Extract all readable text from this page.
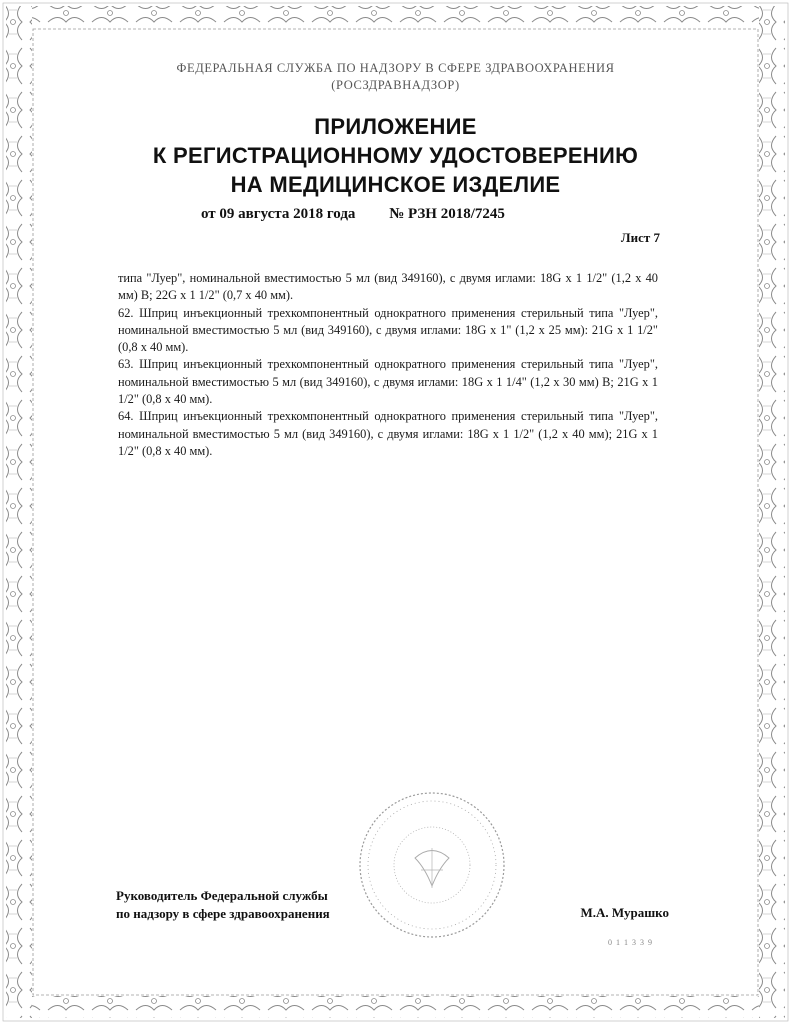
ФЕДЕРАЛЬНАЯ СЛУЖБА ПО НАДЗОРУ В СФЕРЕ ЗДРАВООХРАНЕНИЯ
(РОСЗДРАВНАДЗОР)
ПРИЛОЖЕНИЕ
К РЕГИСТРАЦИОННОМУ УДОСТОВЕРЕНИЮ
НА МЕДИЦИНСКОЕ ИЗДЕЛИЕ
от 09 августа 2018 года № РЗН 2018/7245
Лист 7

типа "Луер", номинальной вместимостью 5 мл (вид 349160), с двумя иглами: 18G x 1 1/2" (1,2 x 40 мм) В; 22G x 1 1/2" (0,7 x 40 мм).

62. Шприц инъекционный трехкомпонентный однократного применения стерильный типа "Луер", номинальной вместимостью 5 мл (вид 349160), с двумя иглами: 18G x 1" (1,2 x 25 мм): 21G x 1 1/2" (0,8 x 40 мм).

63. Шприц инъекционный трехкомпонентный однократного применения стерильный типа "Луер", номинальной вместимостью 5 мл (вид 349160), с двумя иглами: 18G x 1 1/4" (1,2 x 30 мм) В; 21G x 1 1/2" (0,8 x 40 мм).

64. Шприц инъекционный трехкомпонентный однократного применения стерильный типа "Луер", номинальной вместимостью 5 мл (вид 349160), с двумя иглами: 18G x 1 1/2" (1,2 x 40 мм); 21G x 1 1/2" (0,8 x 40 мм).

Руководитель Федеральной службы
по надзору в сфере здравоохранения	М.А. Мурашко
0 1 1 3 3 9
